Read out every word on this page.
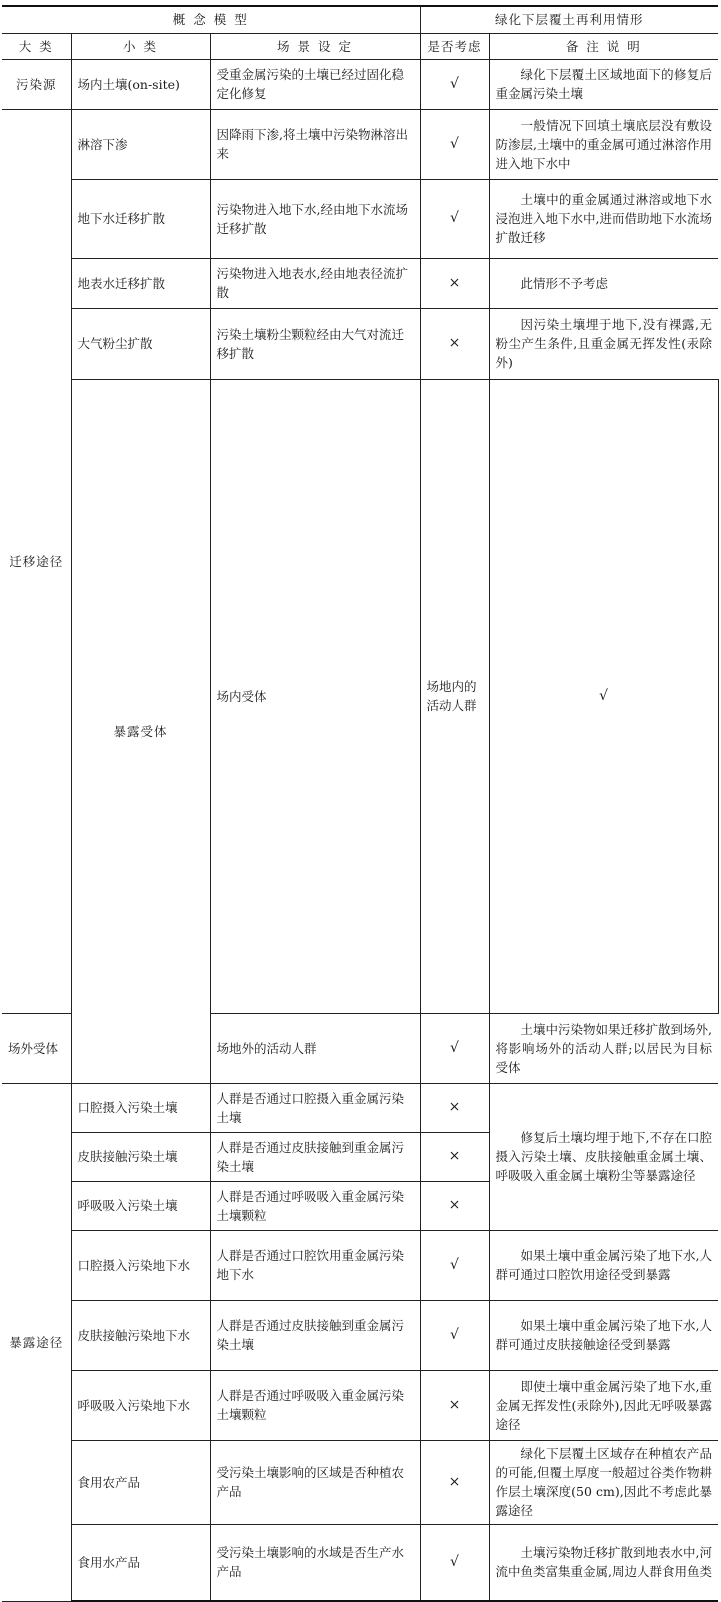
概 念 模 型			绿化下层覆土再利用情形		
大 类	小 类	场 景 设 定	是否考虑	备 注 说 明	
污染源	场内土壤(on-site)	受重金属污染的土壤已经过固化稳定化修复	√	绿化下层覆土区域地面下的修复后重金属污染土壤	
迁移途径	淋溶下渗	因降雨下渗,将土壤中污染物淋溶出来	√	一般情况下回填土壤底层没有敷设防渗层,土壤中的重金属可通过淋溶作用进入地下水中	
	地下水迁移扩散	污染物进入地下水,经由地下水流场迁移扩散	√	土壤中的重金属通过淋溶或地下水浸泡进入地下水中,进而借助地下水流场扩散迁移	
	地表水迁移扩散	污染物进入地表水,经由地表径流扩散	×	此情形不予考虑	
	大气粉尘扩散	污染土壤粉尘颗粒经由大气对流迁移扩散	×	因污染土壤埋于地下,没有裸露,无粉尘产生条件,且重金属无挥发性(汞除外)	
	暴露受体	场内受体	场地内的活动人群	√	
场外受体		场地外的活动人群	√	土壤中污染物如果迁移扩散到场外,将影响场外的活动人群;以居民为目标受体	
暴露途径	口腔摄入污染土壤	人群是否通过口腔摄入重金属污染土壤	×	修复后土壤均埋于地下,不存在口腔摄入污染土壤、皮肤接触重金属土壤、呼吸吸入重金属土壤粉尘等暴露途径	
	皮肤接触污染土壤	人群是否通过皮肤接触到重金属污染土壤	×		
	呼吸吸入污染土壤	人群是否通过呼吸吸入重金属污染土壤颗粒	×		
	口腔摄入污染地下水	人群是否通过口腔饮用重金属污染地下水	√	如果土壤中重金属污染了地下水,人群可通过口腔饮用途径受到暴露	
	皮肤接触污染地下水	人群是否通过皮肤接触到重金属污染土壤	√	如果土壤中重金属污染了地下水,人群可通过皮肤接触途径受到暴露	
	呼吸吸入污染地下水	人群是否通过呼吸吸入重金属污染土壤颗粒	×	即使土壤中重金属污染了地下水,重金属无挥发性(汞除外),因此无呼吸暴露途径	
	食用农产品	受污染土壤影响的区域是否种植农产品	×	绿化下层覆土区域存在种植农产品的可能,但覆土厚度一般超过谷类作物耕作层土壤深度(50 cm),因此不考虑此暴露途径	
	食用水产品	受污染土壤影响的水域是否生产水产品	√	土壤污染物迁移扩散到地表水中,河流中鱼类富集重金属,周边人群食用鱼类	
